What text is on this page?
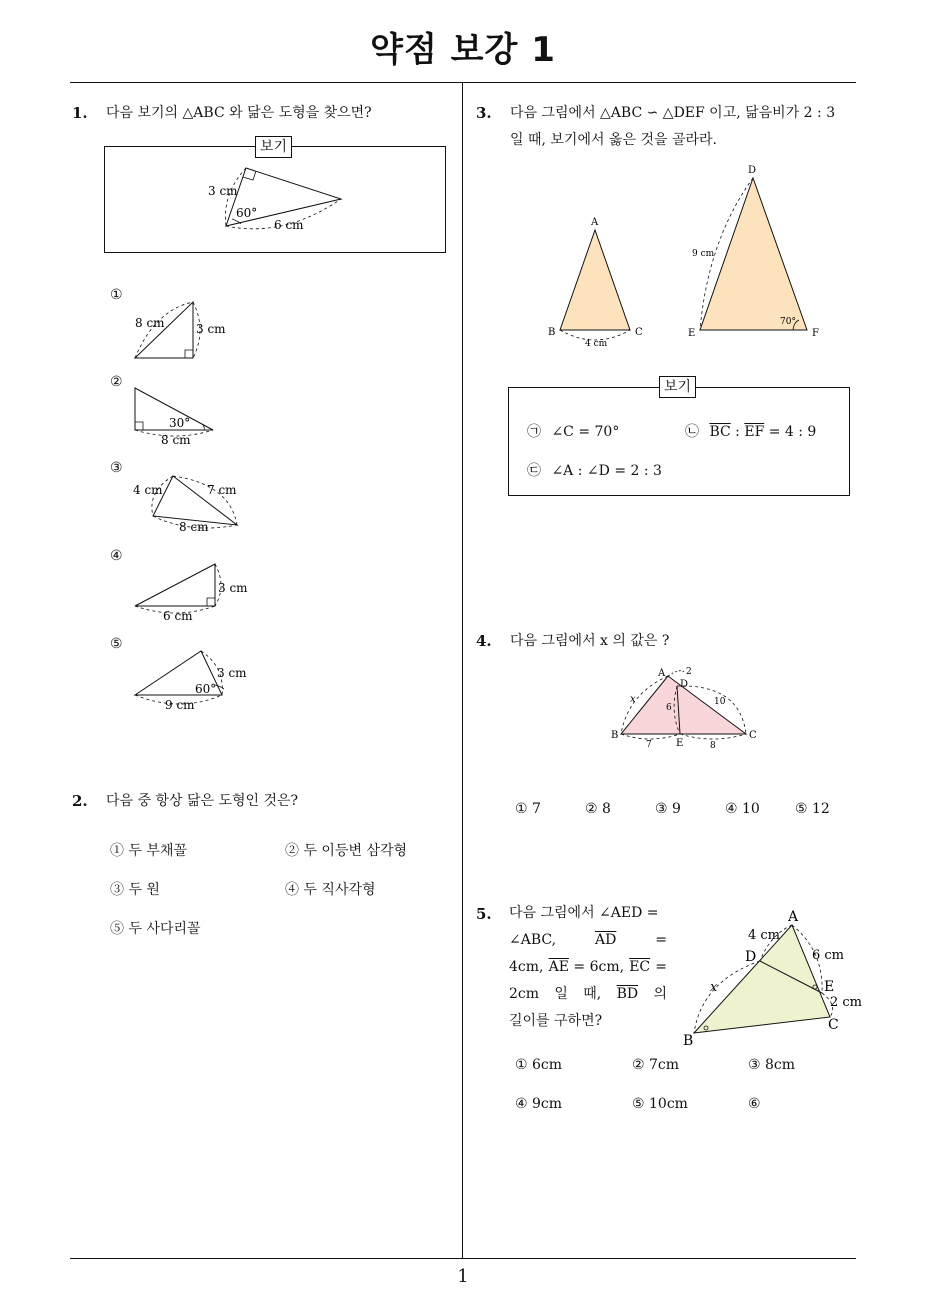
약점 보강 1
1
1. 다음 보기의 △ABC 와 닮은 도형을 찾으면?
보기
3 cm
60°
6 cm
①
8 cm	3 cm
②
30°
8 cm
③
4 cm	7 cm
8 cm
④
3 cm
6 cm
⑤
3 cm
60°
9 cm
2. 다음 중 항상 닮은 도형인 것은?
① 두 부채꼴	② 두 이등변 삼각형
③ 두 원	④ 두 직사각형
⑤ 두 사다리꼴
3. 다음 그림에서 △ABC ∽ △DEF 이고, 닮음비가 2 : 3
일 때, 보기에서 옳은 것을 골라라.
A
B	C
4 cm
D
E	F
9 cm
70°
보기
㉠ ∠C = 70°	㉡ $\overline{BC}$ : $\overline{EF} = 4$ : 9
㉢ ∠A : ∠D = 2 : 3
4. 다음 그림에서 x 의 값은 ?
A
D
B	C
E
2
10
6
x
7	8
① 7	② 8	③ 9	④ 10	⑤ 12
5. 다음 그림에서 ∠AED =
∠ABC,	$\overline{AD}$	=
4cm, $\overline{AE} = 6cm$, $\overline{EC}$ =
2cm 일 때, $\overline{BD}$ 의
길이를 구하면?
A
D
E
C
B
4 cm
6 cm
2 cm
x
① 6cm	② 7cm	③ 8cm
④ 9cm	⑤ 10cm	⑥
